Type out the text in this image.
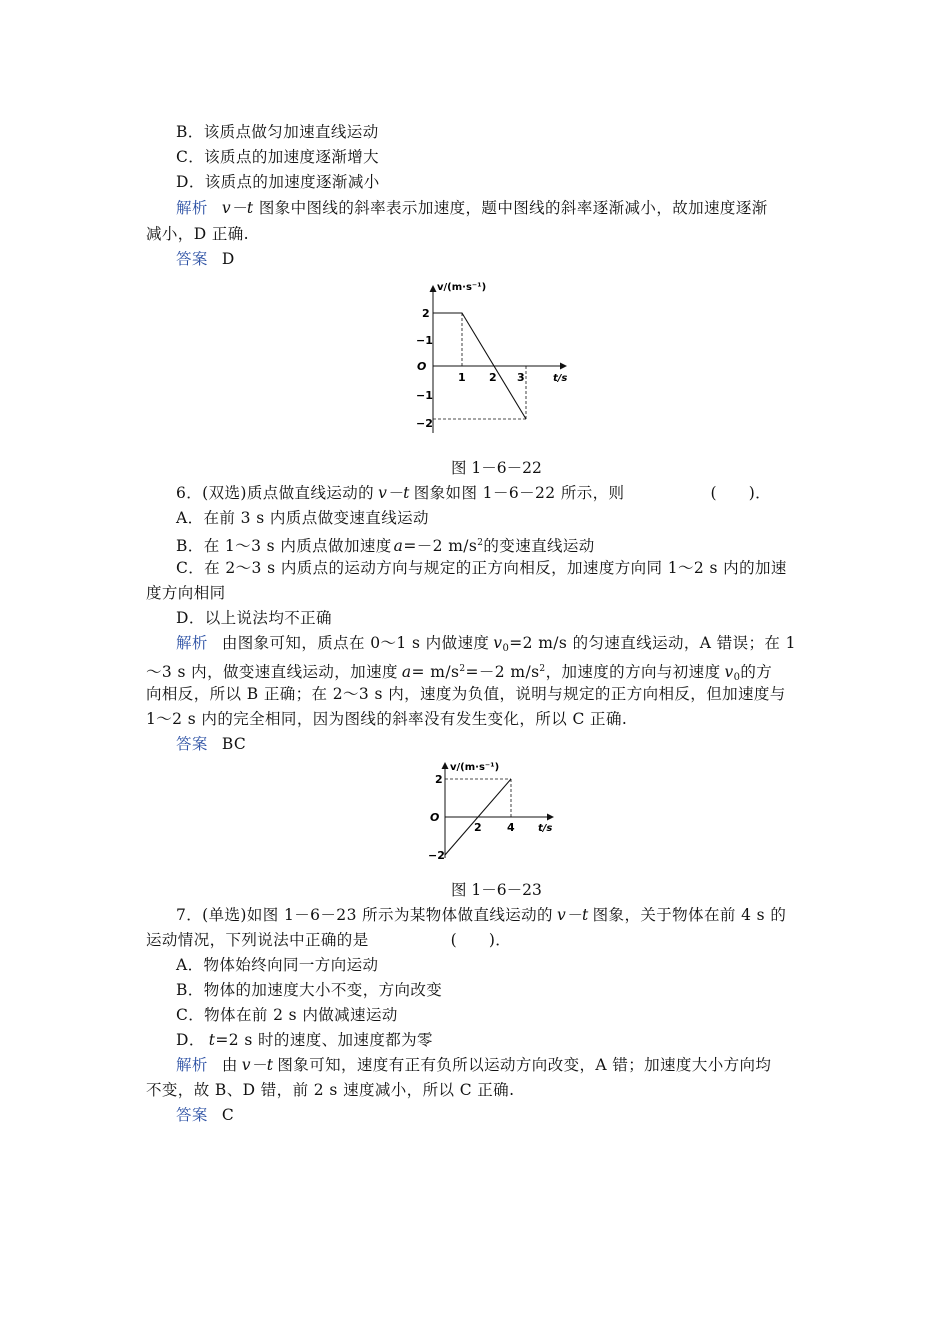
B．该质点做匀加速直线运动
C．该质点的加速度逐渐增大
D．该质点的加速度逐渐减小
解析 v－t 图象中图线的斜率表示加速度，题中图线的斜率逐渐减小，故加速度逐渐
减小，D 正确.
答案 D
v/(m·s⁻¹)
t/s
O
2
−1
−1
−2
1 2 3
图 1－6－22
6．(双选)质点做直线运动的 v－t 图象如图 1－6－22 所示，则	(　　)．
A．在前 3 s 内质点做变速直线运动
B．在 1～3 s 内质点做加速度 a=－2 $m/s^2$的变速直线运动
C．在 2～3 s 内质点的运动方向与规定的正方向相反，加速度方向同 1～2 s 内的加速
度方向相同
D．以上说法均不正确
解析 由图象可知，质点在 0～1 s 内做速度 $v_0=2$ m/s 的匀速直线运动，A 错误；在 1
～3 s 内，做变速直线运动，加速度 $a= m/s^2=-2$ $m/s^2$，加速度的方向与初速度 $v_0$的方
向相反，所以 B 正确；在 2～3 s 内，速度为负值，说明与规定的正方向相反，但加速度与
1～2 s 内的完全相同，因为图线的斜率没有发生变化，所以 C 正确.
答案 BC
v/(m·s⁻¹)
t/s
O
2
−2
2 4
图 1－6－23
7．(单选)如图 1－6－23 所示为某物体做直线运动的 v－t 图象，关于物体在前 4 s 的
运动情况，下列说法中正确的是	(　　)．
A．物体始终向同一方向运动
B．物体的加速度大小不变，方向改变
C．物体在前 2 s 内做减速运动
D． t=2 s 时的速度、加速度都为零
解析 由 v－t 图象可知，速度有正有负所以运动方向改变，A 错；加速度大小方向均
不变，故 B、D 错，前 2 s 速度减小，所以 C 正确.
答案 C
